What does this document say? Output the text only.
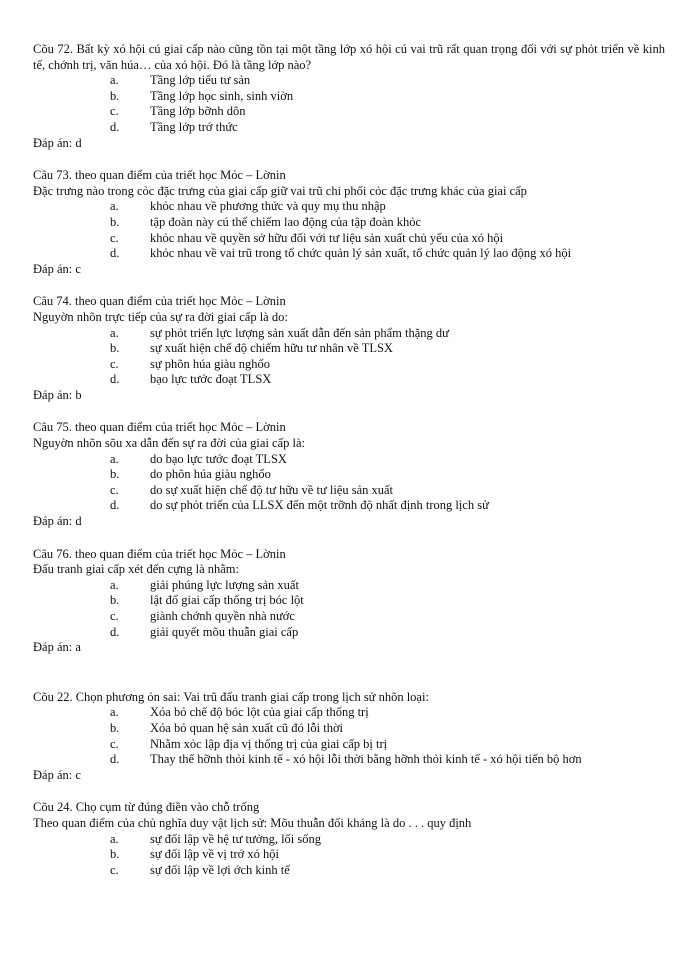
Cõu 72. Bất kỳ xó hội cú giai cấp nào cũng tồn tại một tầng lớp xó hội cú vai trũ rất quan trọng đối với sự phỏt triển về kinh tế, chớnh trị, văn húa… của xó hội. Đó là tầng lớp nào?

a.	Tầng lớp tiểu tư sản
b.	Tầng lớp học sinh, sinh viờn
c.	Tầng lớp bỡnh dõn
d.	Tầng lớp trớ thức

Đáp án: d

Câu 73. theo quan điểm của triết học Mỏc – Lờnin

Đặc trưng nào trong cỏc đặc trưng của giai cấp giữ vai trũ chi phối cỏc đặc trưng khác của giai cấp

a.	khỏc nhau về phương thức và quy mụ thu nhập
b.	tập đoàn này cú thể chiếm lao động của tập đoàn khỏc
c.	khỏc nhau về quyền sở hữu đối với tư liệu sản xuất chủ yếu của xó hội
d.	khỏc nhau về vai trũ trong tổ chức quản lý sản xuất, tổ chức quản lý lao động xó hội

Đáp án: c

Câu 74. theo quan điểm của triết học Mỏc – Lờnin

Nguyờn nhõn trực tiếp của sự ra đời giai cấp là do:

a.	sự phỏt triển lực lượng sản xuất dẫn đến sản phẩm thặng dư
b.	sự xuất hiện chế độ chiếm hữu tư nhân về TLSX
c.	sự phõn húa giàu nghốo
d.	bạo lực tước đoạt TLSX

Đáp án: b

Câu 75. theo quan điểm của triết học Mỏc – Lờnin

Nguyờn nhõn sõu xa dẫn đến sự ra đời của giai cấp là:

a.	do bạo lực tước đoạt TLSX
b.	do phõn húa giàu nghốo
c.	do sự xuất hiện chế độ tư hữu về tư liệu sản xuất
d.	do sự phỏt triển của LLSX đến một trỡnh độ nhất định trong lịch sử

Đáp án: d

Câu 76. theo quan điểm của triết học Mỏc – Lờnin

Đấu tranh giai cấp xét đến cựng là nhằm:

a.	giải phúng lực lượng sản xuất
b.	lật đổ giai cấp thống trị bóc lột
c.	giành chớnh quyền nhà nước
d.	giải quyết mõu thuẫn giai cấp

Đáp án: a

Cõu 22. Chọn phương ỏn sai: Vai trũ đấu tranh giai cấp trong lịch sử nhõn loại:

a.	Xóa bỏ chế độ bóc lột của giai cấp thống trị
b.	Xóa bỏ quan hệ sản xuất cũ đó lỗi thời
c.	Nhằm xỏc lập địa vị thống trị của giai cấp bị trị
d.	Thay thế hỡnh thỏi kinh tế - xó hội lỗi thời bằng hỡnh thỏi kinh tế - xó hội tiến bộ hơn

Đáp án: c

Cõu 24. Chọ cụm từ đúng điền vào chỗ trống

Theo quan điểm của chủ nghĩa duy vật lịch sử: Mõu thuẫn đối kháng là do . . . quy định

a.	sự đối lập về hệ tư tưởng, lối sống
b.	sự đối lập về vị trớ xó hội
c.	sự đối lập về lợi ớch kinh tế
